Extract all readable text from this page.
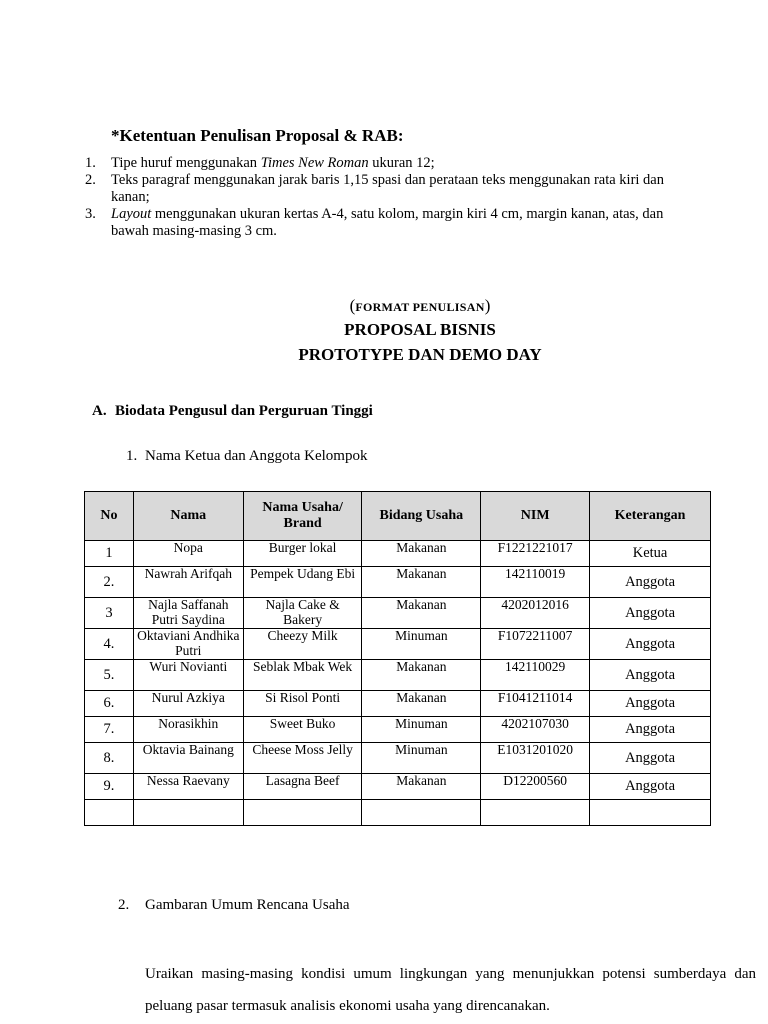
*Ketentuan Penulisan Proposal & RAB:
1.	Tipe huruf menggunakan Times New Roman ukuran 12;
2.	Teks paragraf menggunakan jarak baris 1,15 spasi dan perataan teks menggunakan rata kiri dan kanan;
3.	Layout menggunakan ukuran kertas A-4, satu kolom, margin kiri 4 cm, margin kanan, atas, dan bawah masing-masing 3 cm.
(FORMAT PENULISAN)
PROPOSAL BISNIS
PROTOTYPE DAN DEMO DAY
A. Biodata Pengusul dan Perguruan Tinggi
1. Nama Ketua dan Anggota Kelompok
No	Nama	Nama Usaha/ Brand	Bidang Usaha	NIM	Keterangan
1	Nopa	Burger lokal	Makanan	F1221221017	Ketua
2.	Nawrah Arifqah	Pempek Udang Ebi	Makanan	142110019	Anggota
3	Najla Saffanah Putri Saydina	Najla Cake & Bakery	Makanan	4202012016	Anggota
4.	Oktaviani Andhika Putri	Cheezy Milk	Minuman	F1072211007	Anggota
5.	Wuri Novianti	Seblak Mbak Wek	Makanan	142110029	Anggota
6.	Nurul Azkiya	Si Risol Ponti	Makanan	F1041211014	Anggota
7.	Norasikhin	Sweet Buko	Minuman	4202107030	Anggota
8.	Oktavia Bainang	Cheese Moss Jelly	Minuman	E1031201020	Anggota
9.	Nessa Raevany	Lasagna Beef	Makanan	D12200560	Anggota

2. Gambaran Umum Rencana Usaha
Uraikan masing-masing kondisi umum lingkungan yang menunjukkan potensi sumberdaya dan peluang pasar termasuk analisis ekonomi usaha yang direncanakan.
